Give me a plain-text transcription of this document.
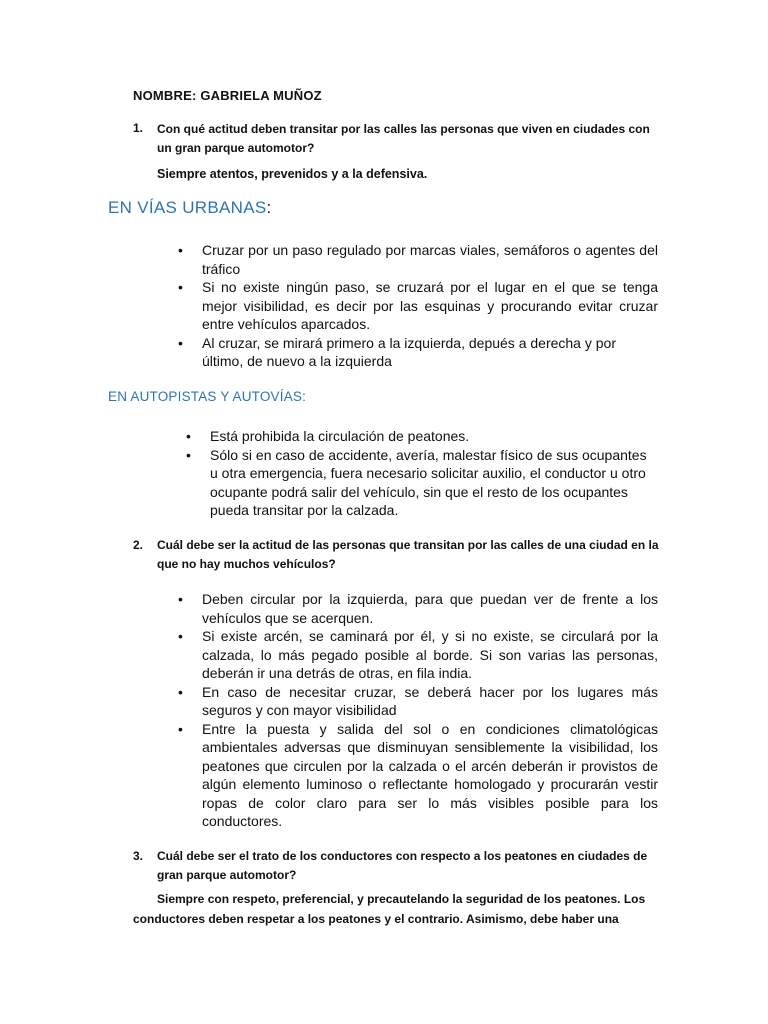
NOMBRE: GABRIELA MUÑOZ
1. Con qué actitud deben transitar por las calles las personas que viven en ciudades con un gran parque automotor?
Siempre atentos, prevenidos y a la defensiva.
EN VÍAS URBANAS:
• Cruzar por un paso regulado por marcas viales, semáforos o agentes del tráfico
• Si no existe ningún paso, se cruzará por el lugar en el que se tenga mejor visibilidad, es decir por las esquinas y procurando evitar cruzar entre vehículos aparcados.
• Al cruzar, se mirará primero a la izquierda, depués a derecha y por último, de nuevo a la izquierda
EN AUTOPISTAS Y AUTOVÍAS:
• Está prohibida la circulación de peatones.
• Sólo si en caso de accidente, avería, malestar físico de sus ocupantes u otra emergencia, fuera necesario solicitar auxilio, el conductor u otro ocupante podrá salir del vehículo, sin que el resto de los ocupantes pueda transitar por la calzada.
2. Cuál debe ser la actitud de las personas que transitan por las calles de una ciudad en la que no hay muchos vehículos?
• Deben circular por la izquierda, para que puedan ver de frente a los vehículos que se acerquen.
• Si existe arcén, se caminará por él, y si no existe, se circulará por la calzada, lo más pegado posible al borde. Si son varias las personas, deberán ir una detrás de otras, en fila india.
• En caso de necesitar cruzar, se deberá hacer por los lugares más seguros y con mayor visibilidad
• Entre la puesta y salida del sol o en condiciones climatológicas ambientales adversas que disminuyan sensiblemente la visibilidad, los peatones que circulen por la calzada o el arcén deberán ir provistos de algún elemento luminoso o reflectante homologado y procurarán vestir ropas de color claro para ser lo más visibles posible para los conductores.
3. Cuál debe ser el trato de los conductores con respecto a los peatones en ciudades de gran parque automotor?
Siempre con respeto, preferencial, y precautelando la seguridad de los peatones. Los conductores deben respetar a los peatones y el contrario. Asimismo, debe haber una
